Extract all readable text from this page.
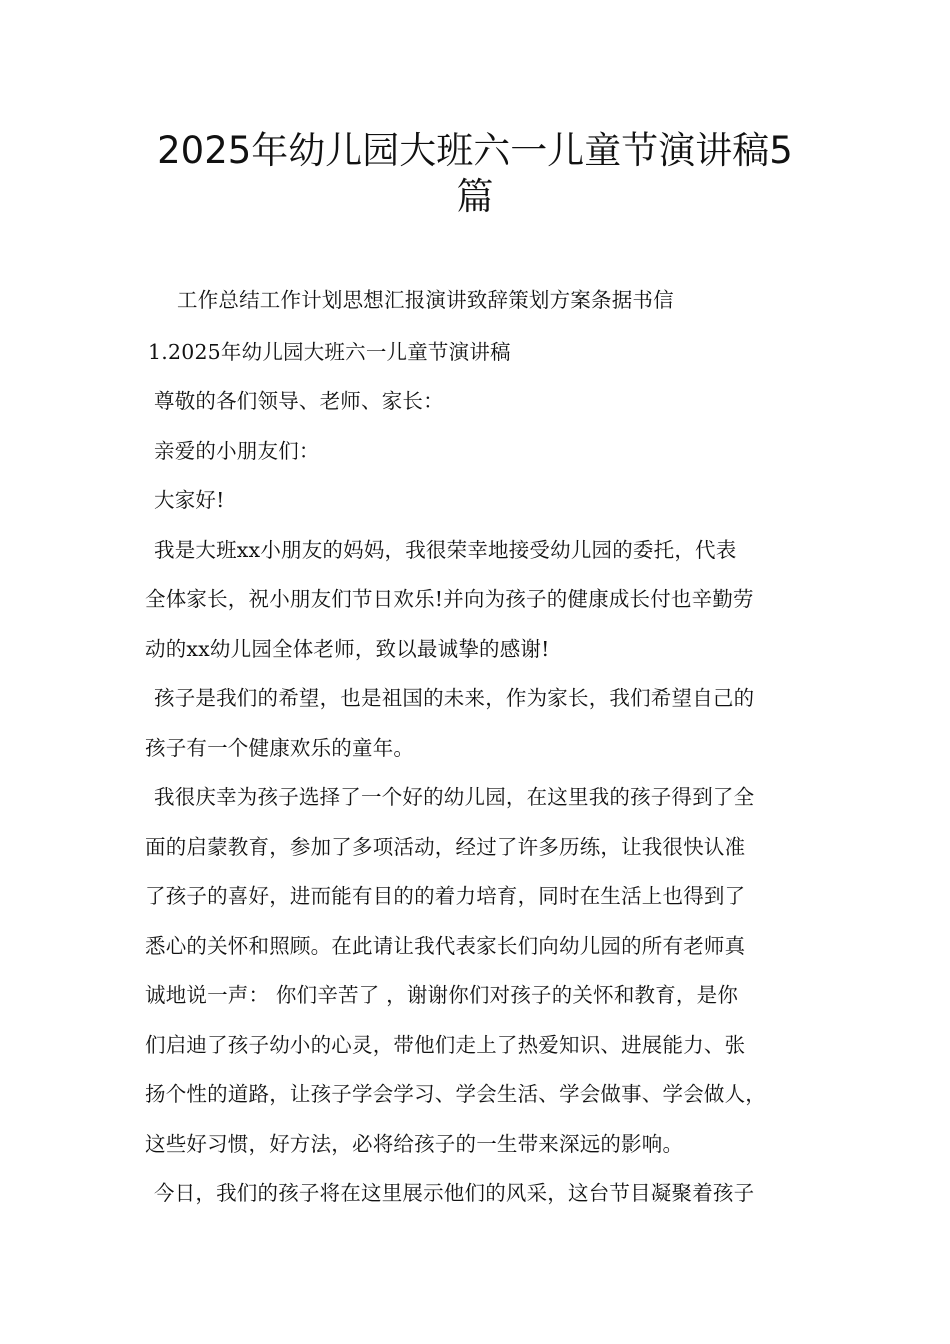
2025年幼儿园大班六一儿童节演讲稿5
篇
工作总结工作计划思想汇报演讲致辞策划方案条据书信
1.2025年幼儿园大班六一儿童节演讲稿
尊敬的各们领导、老师、家长：
亲爱的小朋友们：
大家好!
我是大班xx小朋友的妈妈，我很荣幸地接受幼儿园的委托，代表
全体家长，祝小朋友们节日欢乐!并向为孩子的健康成长付也辛勤劳
动的xx幼儿园全体老师，致以最诚挚的感谢!
孩子是我们的希望，也是祖国的未来，作为家长，我们希望自己的
孩子有一个健康欢乐的童年。
我很庆幸为孩子选择了一个好的幼儿园，在这里我的孩子得到了全
面的启蒙教育，参加了多项活动，经过了许多历练，让我很快认准
了孩子的喜好，进而能有目的的着力培育，同时在生活上也得到了
悉心的关怀和照顾。在此请让我代表家长们向幼儿园的所有老师真
诚地说一声： 你们辛苦了 ，谢谢你们对孩子的关怀和教育，是你
们启迪了孩子幼小的心灵，带他们走上了热爱知识、进展能力、张
扬个性的道路，让孩子学会学习、学会生活、学会做事、学会做人，
这些好习惯，好方法，必将给孩子的一生带来深远的影响。
今日，我们的孩子将在这里展示他们的风采，这台节目凝聚着孩子
